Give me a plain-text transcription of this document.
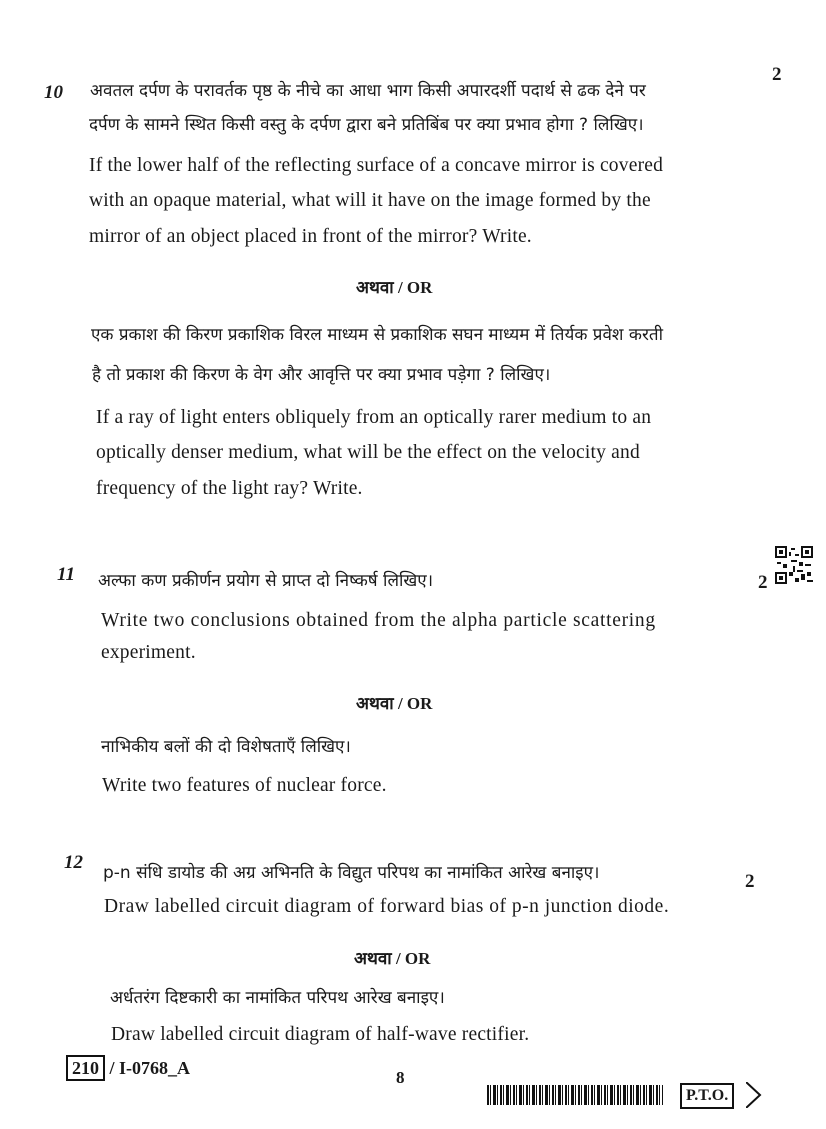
10
2
अवतल दर्पण के परावर्तक पृष्ठ के नीचे का आधा भाग किसी अपारदर्शी पदार्थ से ढक देने पर
दर्पण के सामने स्थित किसी वस्तु के दर्पण द्वारा बने प्रतिबिंब पर क्या प्रभाव होगा ? लिखिए।
If the lower half of the reflecting surface of a concave mirror is covered
with an opaque material, what will it have on the image formed by the
mirror of an object placed in front of the mirror? Write.
अथवा / OR
एक प्रकाश की किरण प्रकाशिक विरल माध्यम से प्रकाशिक सघन माध्यम में तिर्यक प्रवेश करती
है तो प्रकाश की किरण के वेग और आवृत्ति पर क्या प्रभाव पड़ेगा ? लिखिए।
If a ray of light enters obliquely from an optically rarer medium to an
optically denser medium, what will be the effect on the velocity and
frequency of the light ray? Write.
11	2
अल्फा कण प्रकीर्णन प्रयोग से प्राप्त दो निष्कर्ष लिखिए।
Write two conclusions obtained from the alpha particle scattering
experiment.
अथवा / OR
नाभिकीय बलों की दो विशेषताएँ लिखिए।
Write two features of nuclear force.
12
2
p-n संधि डायोड की अग्र अभिनति के विद्युत परिपथ का नामांकित आरेख बनाइए।
Draw labelled circuit diagram of forward bias of p-n junction diode.
अथवा / OR
अर्धतरंग दिष्टकारी का नामांकित परिपथ आरेख बनाइए।
Draw labelled circuit diagram of half-wave rectifier.
210 / I-0768_A	8
P.T.O.
